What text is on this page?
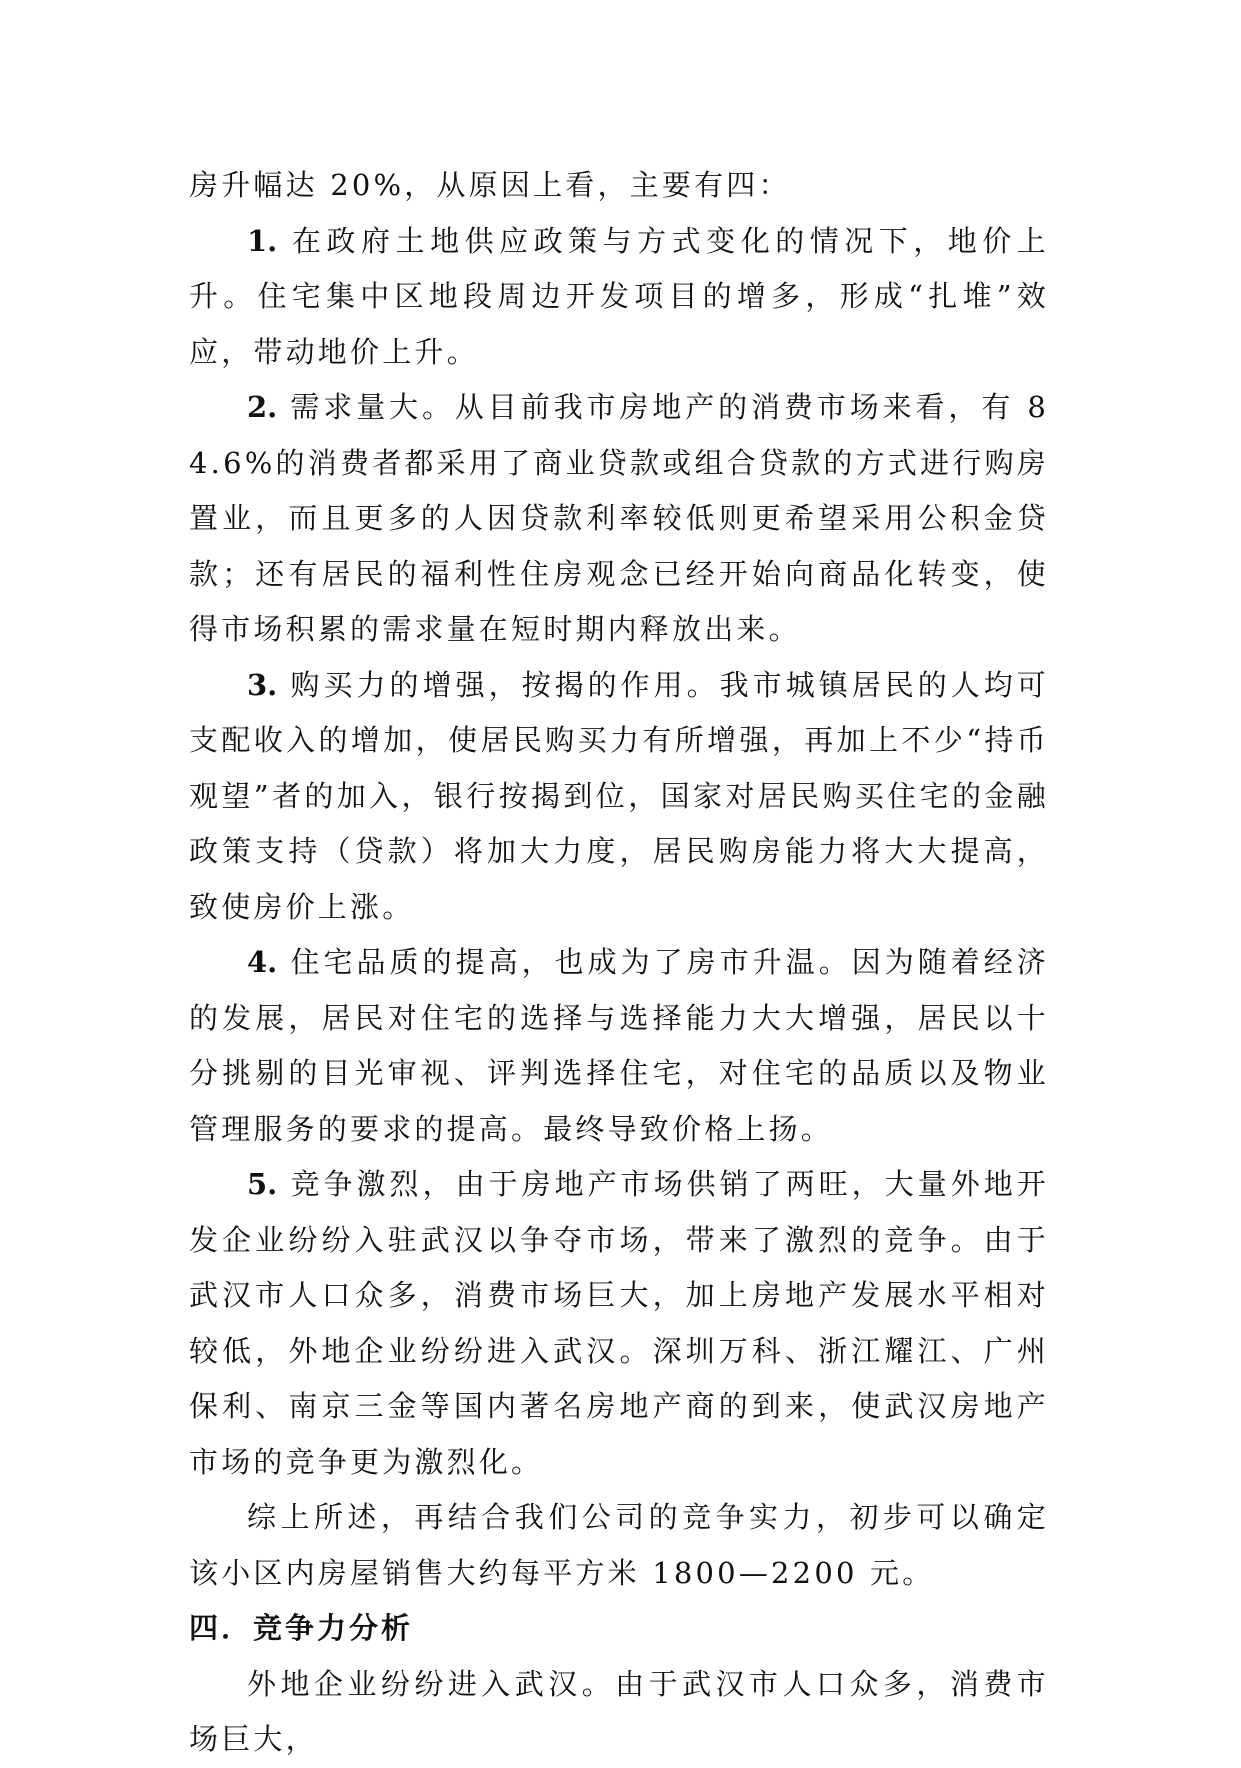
房升幅达 20%，从原因上看，主要有四：

1. 在政府土地供应政策与方式变化的情况下，地价上升。住宅集中区地段周边开发项目的增多，形成“扎堆”效应，带动地价上升。

2. 需求量大。从目前我市房地产的消费市场来看，有 84.6%的消费者都采用了商业贷款或组合贷款的方式进行购房置业，而且更多的人因贷款利率较低则更希望采用公积金贷款；还有居民的福利性住房观念已经开始向商品化转变，使得市场积累的需求量在短时期内释放出来。

3. 购买力的增强，按揭的作用。我市城镇居民的人均可支配收入的增加，使居民购买力有所增强，再加上不少“持币观望”者的加入，银行按揭到位，国家对居民购买住宅的金融政策支持（贷款）将加大力度，居民购房能力将大大提高，致使房价上涨。

4. 住宅品质的提高，也成为了房市升温。因为随着经济的发展，居民对住宅的选择与选择能力大大增强，居民以十分挑剔的目光审视、评判选择住宅，对住宅的品质以及物业管理服务的要求的提高。最终导致价格上扬。

5. 竞争激烈，由于房地产市场供销了两旺，大量外地开发企业纷纷入驻武汉以争夺市场，带来了激烈的竞争。由于武汉市人口众多，消费市场巨大，加上房地产发展水平相对较低，外地企业纷纷进入武汉。深圳万科、浙江耀江、广州保利、南京三金等国内著名房地产商的到来，使武汉房地产市场的竞争更为激烈化。

综上所述，再结合我们公司的竞争实力，初步可以确定该小区内房屋销售大约每平方米 1800—2200 元。

四．竞争力分析

外地企业纷纷进入武汉。由于武汉市人口众多，消费市场巨大，
